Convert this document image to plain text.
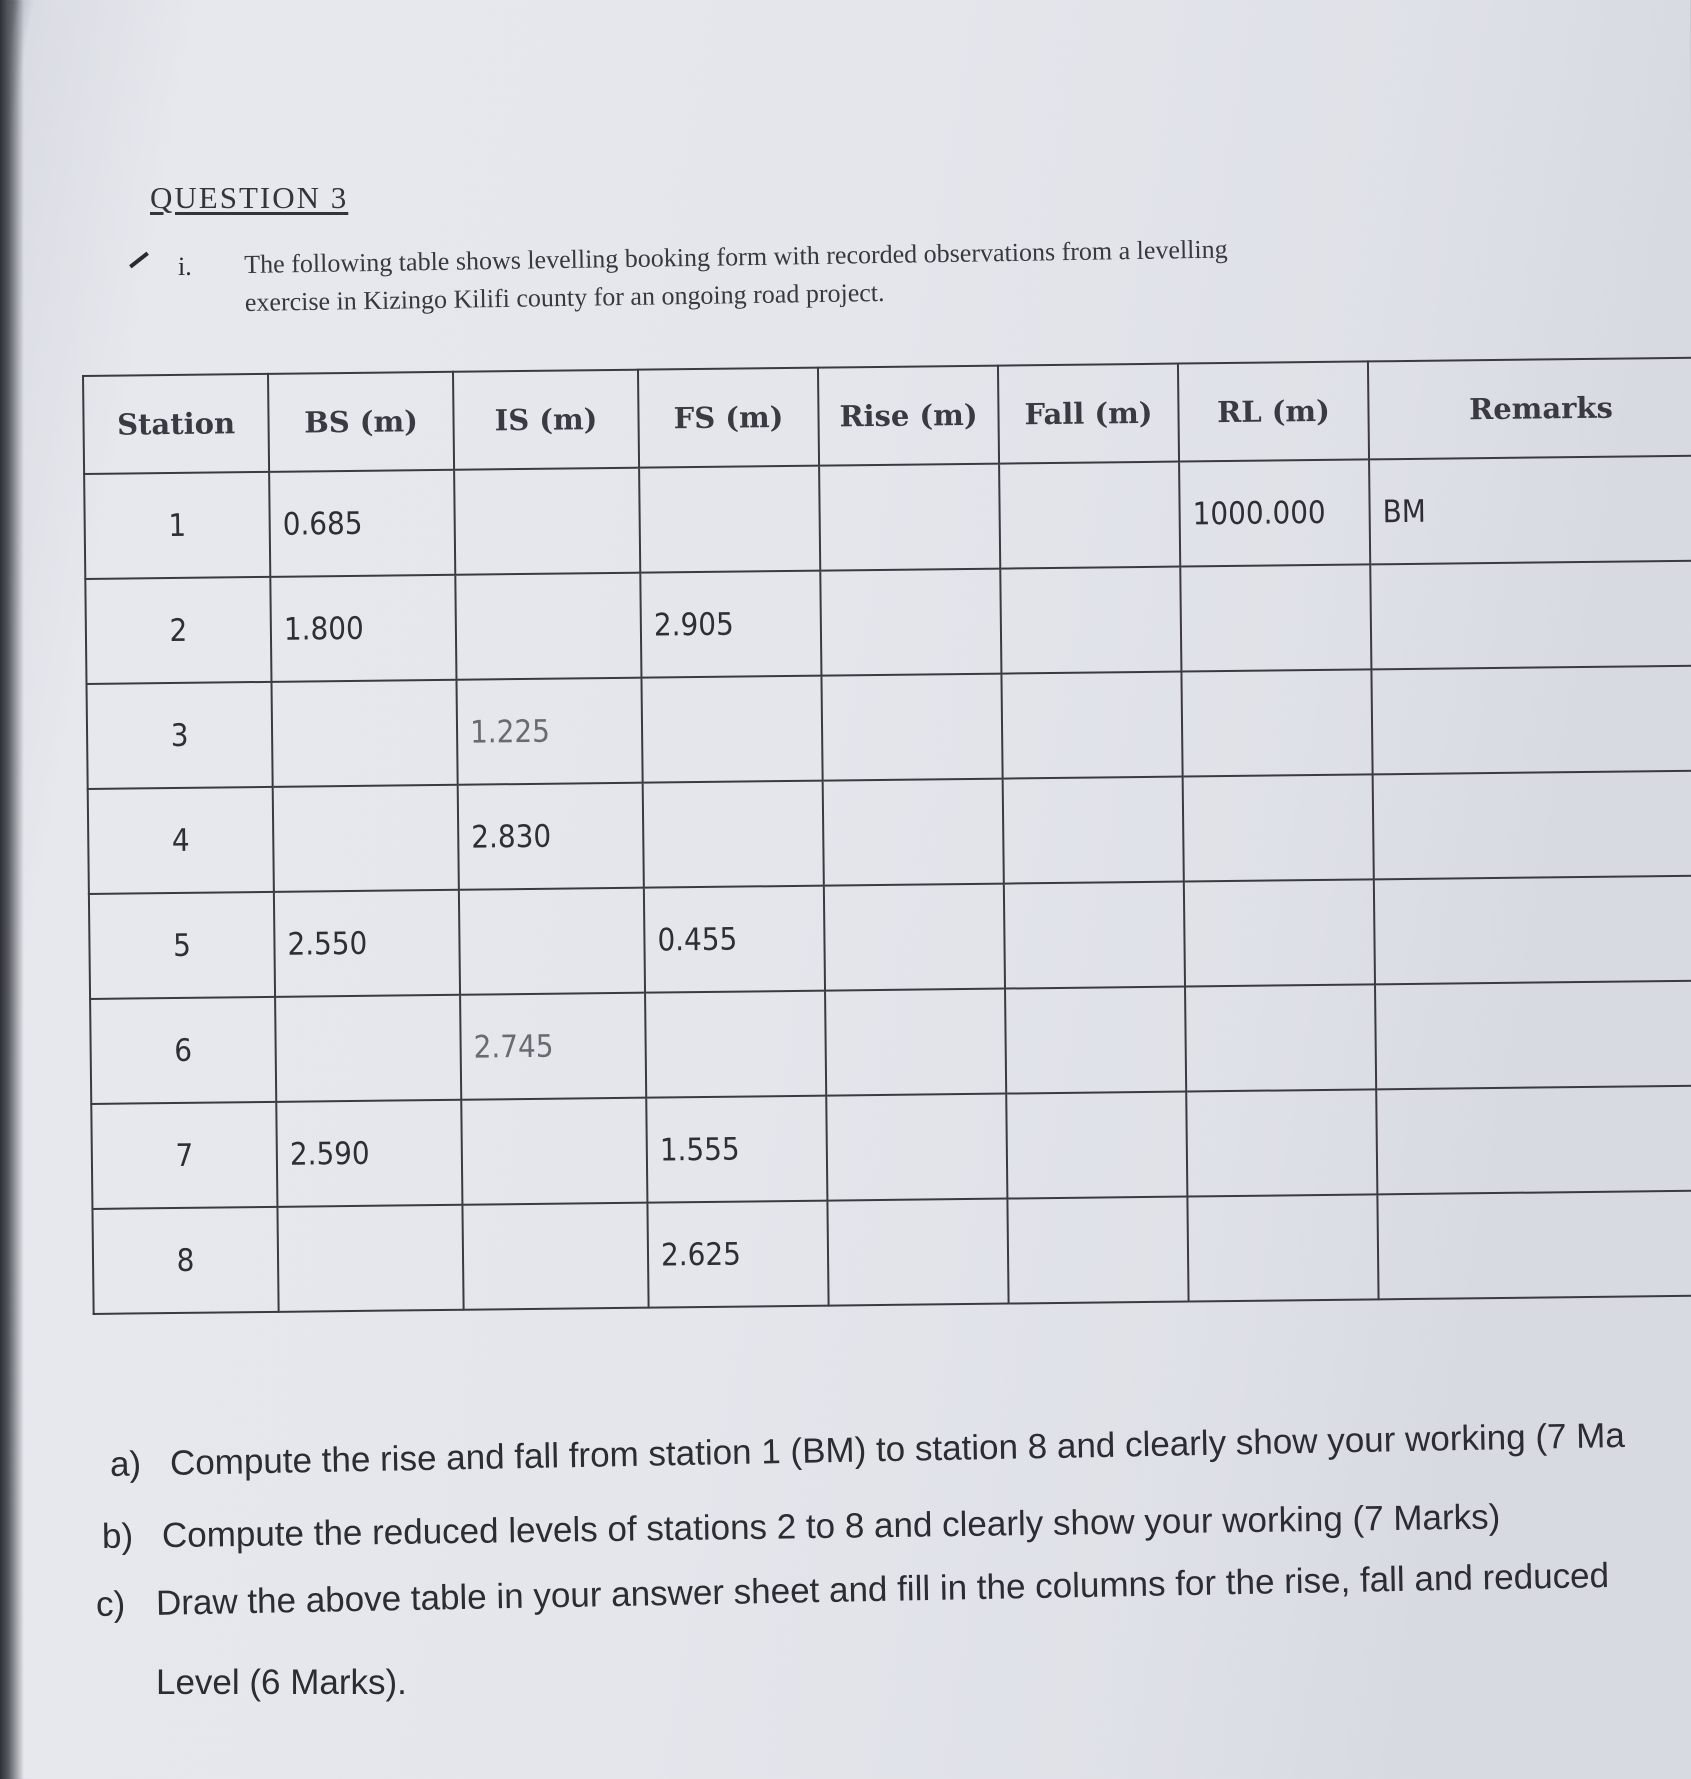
QUESTION 3
i. The following table shows levelling booking form with recorded observations from a levelling
exercise in Kizingo Kilifi county for an ongoing road project.
Station	BS (m)	IS (m)	FS (m)	Rise (m)	Fall (m)	RL (m)	Remarks
1	0.685					1000.000	BM
2	1.800		2.905				
3		1.225					
4		2.830					
5	2.550		0.455				
6		2.745					
7	2.590		1.555				
8			2.625				
a) Compute the rise and fall from station 1 (BM) to station 8 and clearly show your working (7 Ma
b) Compute the reduced levels of stations 2 to 8 and clearly show your working (7 Marks)
c) Draw the above table in your answer sheet and fill in the columns for the rise, fall and reduced
Level (6 Marks).
